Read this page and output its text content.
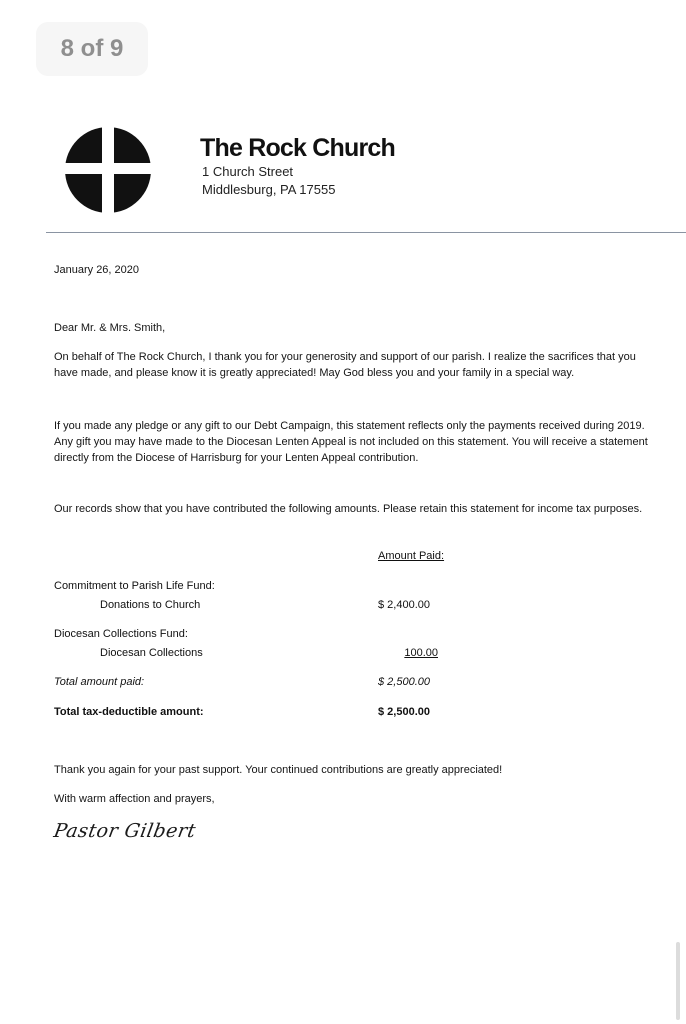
8 of 9
The Rock Church
1 Church Street
Middlesburg, PA 17555
January 26, 2020
Dear Mr. & Mrs. Smith,
On behalf of The Rock Church, I thank you for your generosity and support of our parish. I realize the sacrifices that you have made, and please know it is greatly appreciated! May God bless you and your family in a special way.
If you made any pledge or any gift to our Debt Campaign, this statement reflects only the payments received during 2019. Any gift you may have made to the Diocesan Lenten Appeal is not included on this statement. You will receive a statement directly from the Diocese of Harrisburg for your Lenten Appeal contribution.
Our records show that you have contributed the following amounts. Please retain this statement for income tax purposes.
Amount Paid:
Commitment to Parish Life Fund:
Donations to Church	$ 2,400.00
Diocesan Collections Fund:
Diocesan Collections	100.00
Total amount paid:	$ 2,500.00
Total tax-deductible amount:	$ 2,500.00
Thank you again for your past support. Your continued contributions are greatly appreciated!
With warm affection and prayers,
Pastor Gilbert
